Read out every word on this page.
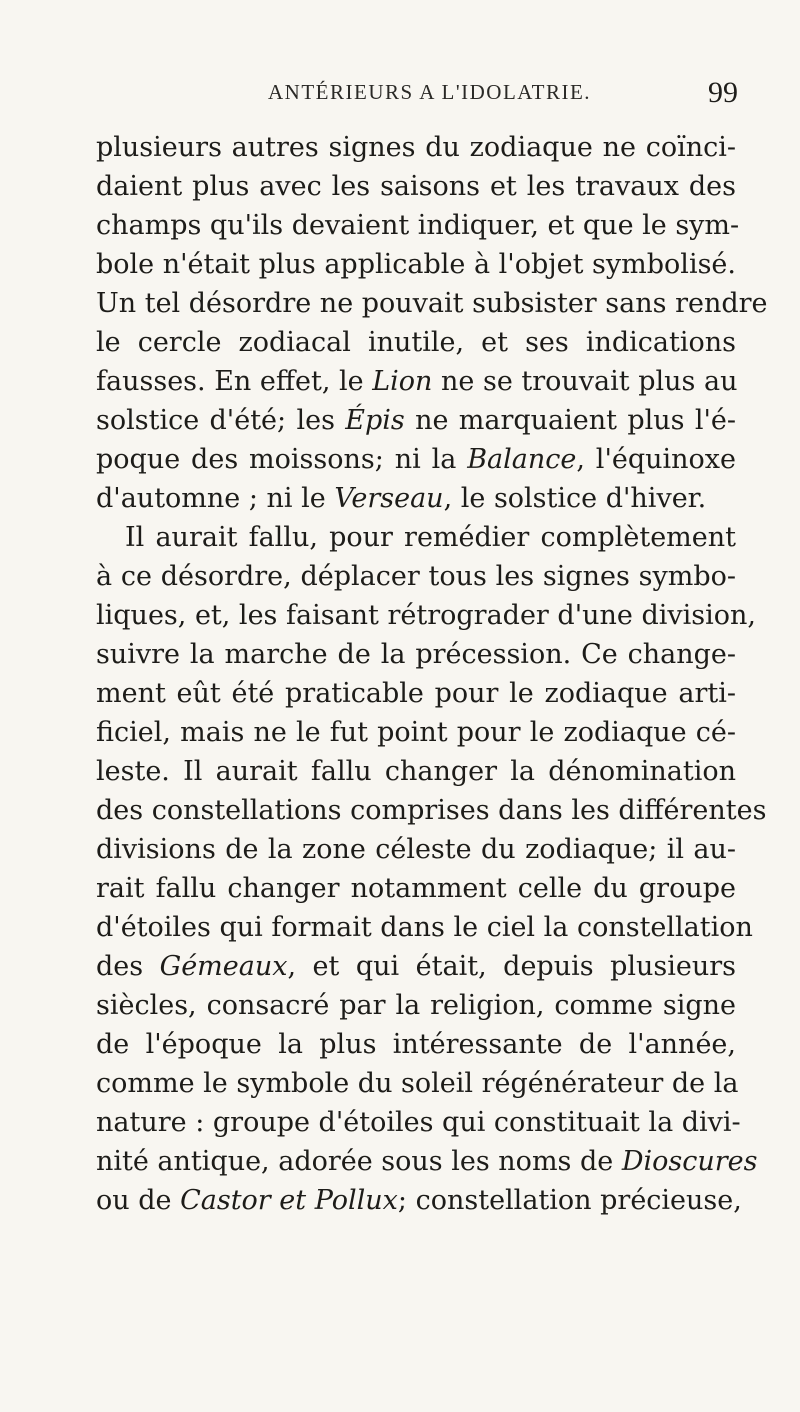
ANTÉRIEURS A L'IDOLATRIE.	99
plusieurs autres signes du zodiaque ne coïnci-
daient plus avec les saisons et les travaux des
champs qu'ils devaient indiquer, et que le sym-
bole n'était plus applicable à l'objet symbolisé.
Un tel désordre ne pouvait subsister sans rendre
le cercle zodiacal inutile, et ses indications
fausses. En effet, le Lion ne se trouvait plus au
solstice d'été; les Épis ne marquaient plus l'é-
poque des moissons; ni la Balance, l'équinoxe
d'automne ; ni le Verseau, le solstice d'hiver.
Il aurait fallu, pour remédier complètement
à ce désordre, déplacer tous les signes symbo-
liques, et, les faisant rétrograder d'une division,
suivre la marche de la précession. Ce change-
ment eût été praticable pour le zodiaque arti-
ficiel, mais ne le fut point pour le zodiaque cé-
leste. Il aurait fallu changer la dénomination
des constellations comprises dans les différentes
divisions de la zone céleste du zodiaque; il au-
rait fallu changer notamment celle du groupe
d'étoiles qui formait dans le ciel la constellation
des Gémeaux, et qui était, depuis plusieurs
siècles, consacré par la religion, comme signe
de l'époque la plus intéressante de l'année,
comme le symbole du soleil régénérateur de la
nature : groupe d'étoiles qui constituait la divi-
nité antique, adorée sous les noms de Dioscures
ou de Castor et Pollux; constellation précieuse,
